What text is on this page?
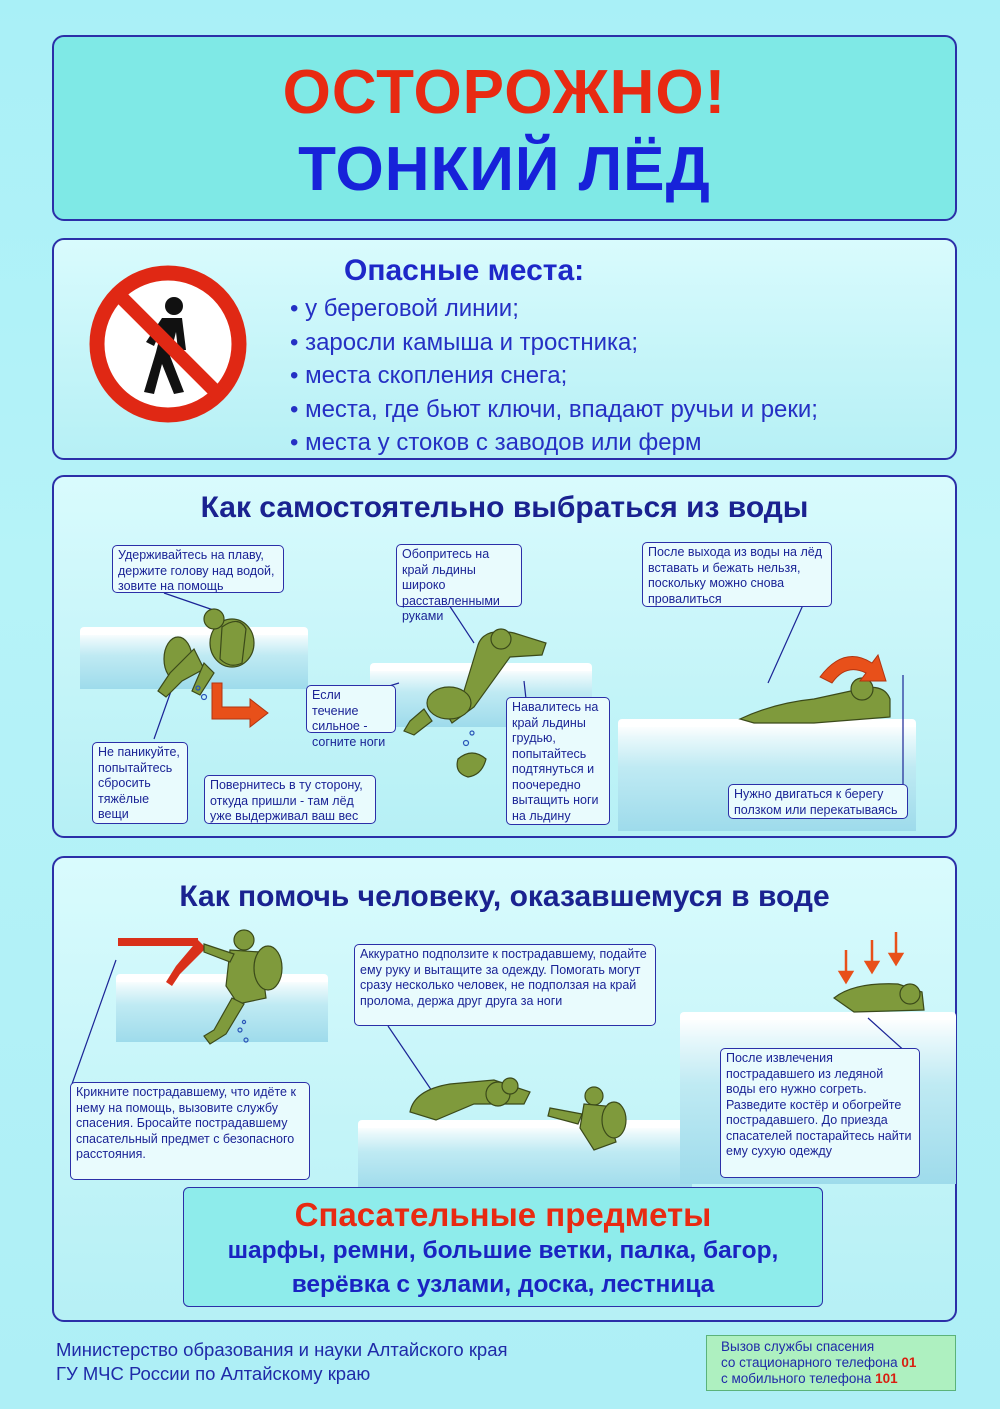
ОСТОРОЖНО!
ТОНКИЙ ЛЁД
Опасные места:
• у береговой линии;
• заросли камыша и тростника;
• места скопления снега;
• места, где бьют ключи, впадают ручьи и реки;
• места у стоков с заводов или ферм
Как самостоятельно выбраться из воды
Удерживайтесь на плаву, держите голову над водой, зовите на помощь
Обопритесь на край льдины широко расставленными руками
После выхода из воды на лёд вставать и бежать нельзя, поскольку можно снова провалиться
Если течение сильное - согните ноги
Навалитесь на край льдины грудью, попытайтесь подтянуться и поочередно вытащить ноги на льдину
Не паникуйте, попытайтесь сбросить тяжёлые вещи
Повернитесь в ту сторону, откуда пришли - там лёд уже выдерживал ваш вес
Нужно двигаться к берегу ползком или перекатываясь
Как помочь человеку, оказавшемуся в воде
Аккуратно подползите к пострадавшему, подайте ему руку и вытащите за одежду. Помогать могут сразу несколько человек, не подползая на край пролома, держа друг друга за ноги
Крикните пострадавшему, что идёте к нему на помощь, вызовите службу спасения. Бросайте пострадавшему спасательный предмет с безопасного расстояния.
После извлечения пострадавшего из ледяной воды его нужно согреть. Разведите костёр и обогрейте пострадавшего. До приезда спасателей постарайтесь найти ему сухую одежду
Спасательные предметы
шарфы, ремни, большие ветки, палка, багор,
верёвка с узлами, доска, лестница
Министерство образования и науки Алтайского края
ГУ МЧС России по Алтайскому краю
Вызов службы спасения
со стационарного телефона 01
с мобильного телефона 101
